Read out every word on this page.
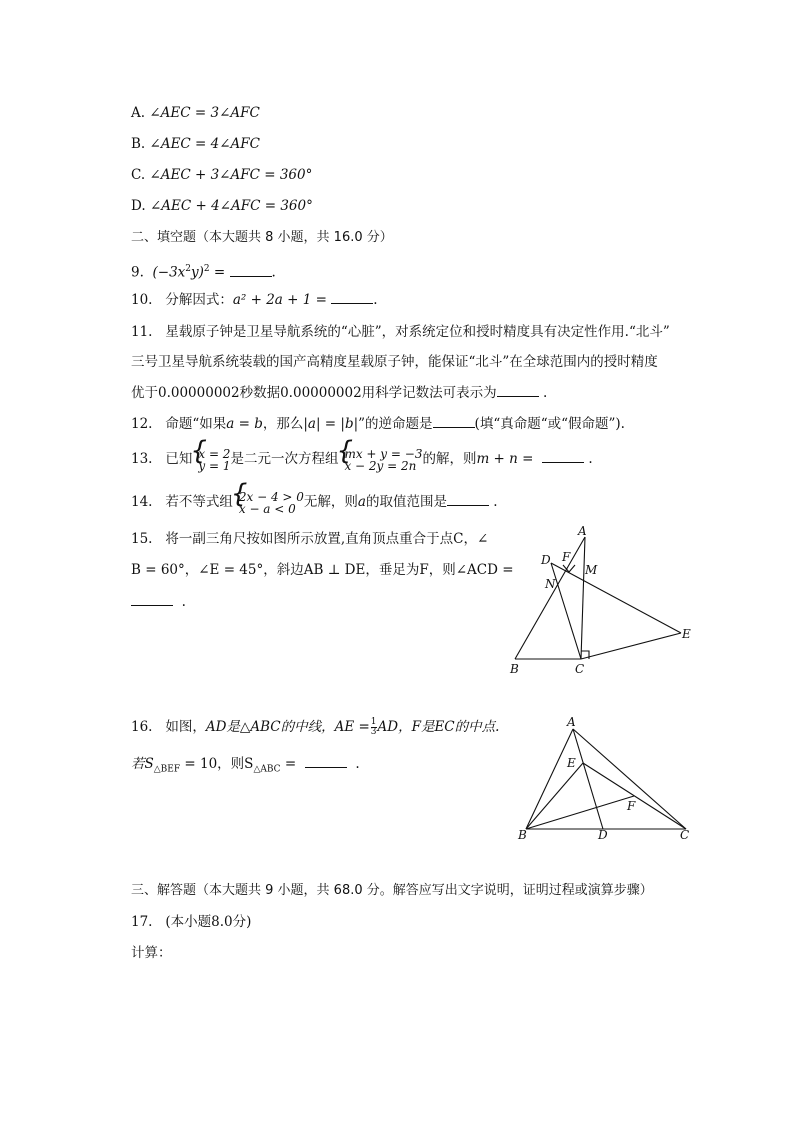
A. ∠AEC = 3∠AFC
B. ∠AEC = 4∠AFC
C. ∠AEC + 3∠AFC = 360°
D. ∠AEC + 4∠AFC = 360°
二、填空题（本大题共 8 小题，共 16.0 分）
9. $(-3x^2y)^2$ =	.
10. 分解因式：a² + 2a + 1 =	.
11. 星载原子钟是卫星导航系统的“心脏”，对系统定位和授时精度具有决定性作用.“北斗”
三号卫星导航系统装载的国产高精度星载原子钟，能保证“北斗”在全球范围内的授时精度
优于0.00000002秒数据0.00000002用科学记数法可表示为	.
12. 命题“如果a = b，那么|a| = |b|”的逆命题是	(填“真命题“或“假命题”).
13. 已知 { x = 2
y = 1 是二元一次方程组 { mx + y = −3
x − 2y = 2n 的解，则m + n =	.
14. 若不等式组 { 2x − 4 > 0
x − a < 0 无解，则a的取值范围是	.
15. 将一副三角尺按如图所示放置,直角顶点重合于点C，∠
B = 60°，∠E = 45°，斜边AB ⊥ DE，垂足为F，则∠ACD =
.
A
D F
M
N
E
B	C
16. 如图，AD是△ABC的中线，AE = $\frac{1}{3}$ AD，F是EC的中点.
若$S_{\triangle BEF} = 10$，则$S_{\triangle ABC}$ =	.
A
E
F
B	D	C
三、解答题（本大题共 9 小题，共 68.0 分。解答应写出文字说明，证明过程或演算步骤）
17. (本小题8.0分)
计算：
